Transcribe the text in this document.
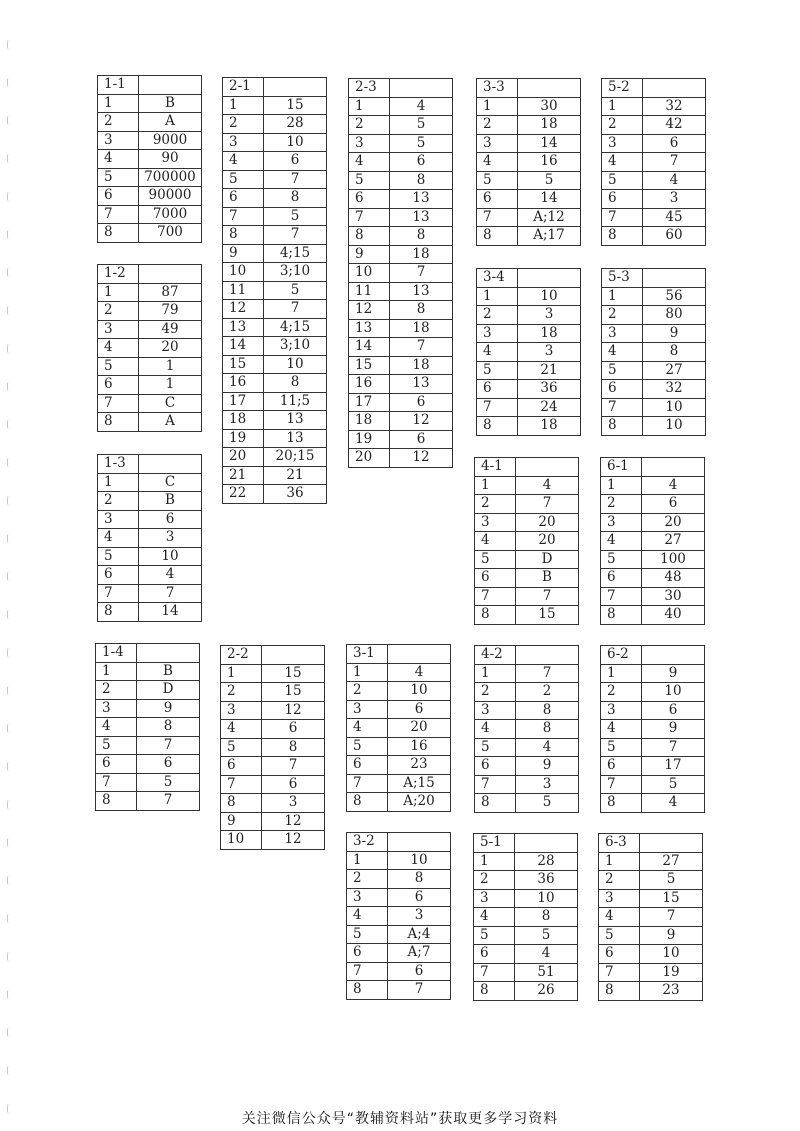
1-1	
1	B
2	A
3	9000
4	90
5	700000
6	90000
7	7000
8	700
1-2	
1	87
2	79
3	49
4	20
5	1
6	1
7	C
8	A
1-3	
1	C
2	B
3	6
4	3
5	10
6	4
7	7
8	14
1-4	
1	B
2	D
3	9
4	8
5	7
6	6
7	5
8	7
2-1	
1	15
2	28
3	10
4	6
5	7
6	8
7	5
8	7
9	4;15
10	3;10
11	5
12	7
13	4;15
14	3;10
15	10
16	8
17	11;5
18	13
19	13
20	20;15
21	21
22	36
2-2	
1	15
2	15
3	12
4	6
5	8
6	7
7	6
8	3
9	12
10	12
2-3	
1	4
2	5
3	5
4	6
5	8
6	13
7	13
8	8
9	18
10	7
11	13
12	8
13	18
14	7
15	18
16	13
17	6
18	12
19	6
20	12
3-1	
1	4
2	10
3	6
4	20
5	16
6	23
7	A;15
8	A;20
3-2	
1	10
2	8
3	6
4	3
5	A;4
6	A;7
7	6
8	7
3-3	
1	30
2	18
3	14
4	16
5	5
6	14
7	A;12
8	A;17
3-4	
1	10
2	3
3	18
4	3
5	21
6	36
7	24
8	18
4-1	
1	4
2	7
3	20
4	20
5	D
6	B
7	7
8	15
4-2	
1	7
2	2
3	8
4	8
5	4
6	9
7	3
8	5
5-1	
1	28
2	36
3	10
4	8
5	5
6	4
7	51
8	26
5-2	
1	32
2	42
3	6
4	7
5	4
6	3
7	45
8	60
5-3	
1	56
2	80
3	9
4	8
5	27
6	32
7	10
8	10
6-1	
1	4
2	6
3	20
4	27
5	100
6	48
7	30
8	40
6-2	
1	9
2	10
3	6
4	9
5	7
6	17
7	5
8	4
6-3	
1	27
2	5
3	15
4	7
5	9
6	10
7	19
8	23
关注微信公众号“教辅资料站”获取更多学习资料
